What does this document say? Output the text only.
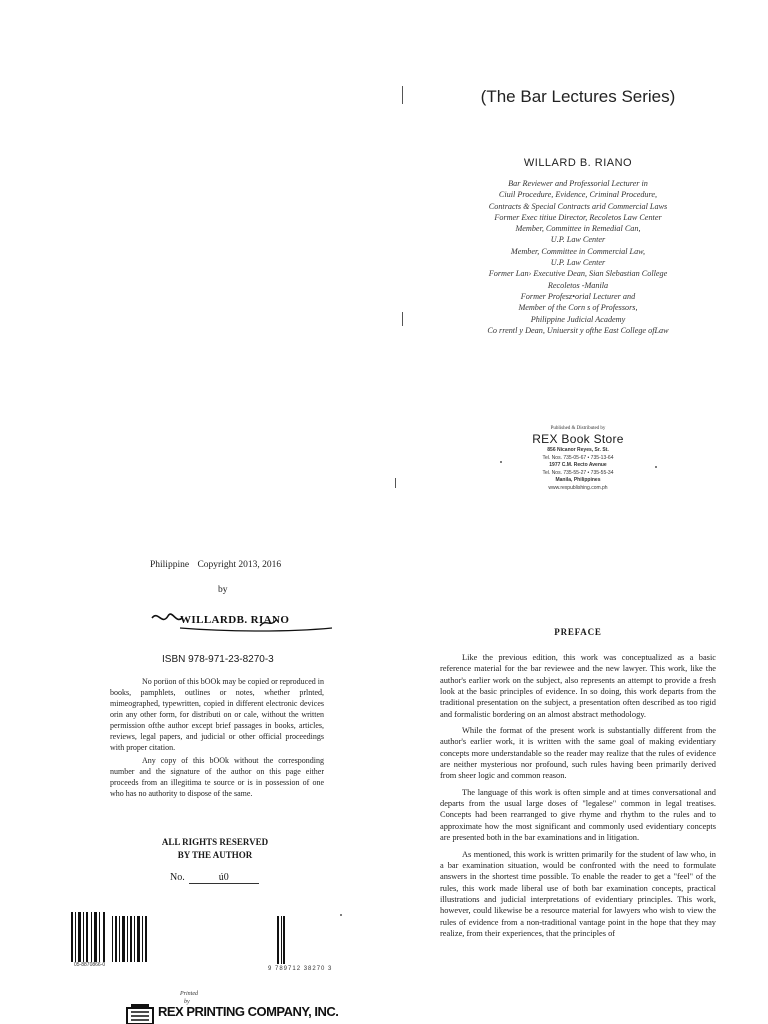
(The Bar Lectures Series)
WILLARD B. RIANO
Bar Reviewer and Professorial Lecturer in
Ciuil Procedure, Evidence, Criminal Procedure,
Contracts & Special Contracts arid Commercial Laws
Former Exec titiue Director, Recoletos Law Center
Member, Committee in Remedial Can,
U.P. Law Center
Member, Committee in Commercial Law,
U.P. Law Center
Former Lan› Executive Dean, Sian Slebastian College
Recoletos -Manila
Former Profesz•orial Lecturer and
Member of the Corn s of Professors,
Philippine Judicial Academy
Co rrentl y Dean, Uniuersit y ofthe East College ofLaw
Published & Distributed by
REX Book Store
856 Nicanor Reyes, Sr. St.
Tel. Nos. 735-05-67 • 735-13-64
1977 C.M. Recto Avenue
Tel. Nos. 735-55-27 • 735-55-34
Manila, Philippines
www.rexpublishing.com.ph
Philippine Copyright 2013, 2016
by
WILLARDB. RIANO
ISBN 978-971-23-8270-3

No porüon of this bOOk may be copied or reproduced in books, pamphlets, outlines or notes, whether prlnted, mimeographed, typewritten, copied in different electronic devices orin any other form, for distributi on or cale, without the written permission ofthe author except brief passages in books, articles, reviews, legal papers, and judicial or other official proceedings with proper citation.

Any copy of this bOOk without the corresponding number and the signature of the author on this page either proceeds from an illegitima te source or is in possession of one who has no authority to dispose of the same.

ALL RIGHTS RESERVED
BY THE AUTHOR
No.	ú0
05-8870866-0
9 789712 38270 3
Printed
by
REX PRINTING COMPANY, INC.
PREFACE

Like the previous edition, this work was conceptualized as a basic reference material for the bar reviewee and the new lawyer. This work, like the author's earlier work on the subject, also represents an attempt to provide a fresh look at the basic principles of evidence. In so doing, this work departs from the traditional presentation on the subject, a presentation often described as too rigid and formalistic bordering on an almost abstract methodology.

While the format of the present work is substantially different from the author's earlier work, it is written with the same goal of making evidentiary concepts more understandable so the reader may realize that the rules of evidence are neither mysterious nor profound, such rules having been primarily derived from sheer logic and common reason.

The language of this work is often simple and at times conversational and departs from the usual large doses of "legalese" common in legal treatises. Concepts had been rearranged to give rhyme and rhythm to the rules and to approximate how the most significant and commonly used evidentiary concepts are presented both in the bar examinations and in litigation.

As mentioned, this work is written primarily for the student of law who, in a bar examination situation, would be confronted with the need to formulate answers in the shortest time possible. To enable the reader to get a "feel" of the rules, this work made liberal use of both bar examination concepts, practical illustrations and judicial interpretations of evidentiary principles. This work, however, could likewise be a resource material for lawyers who wish to view the rules of evidence from a non-traditional vantage point in the hope that they may realize, from their experiences, that the principles of
